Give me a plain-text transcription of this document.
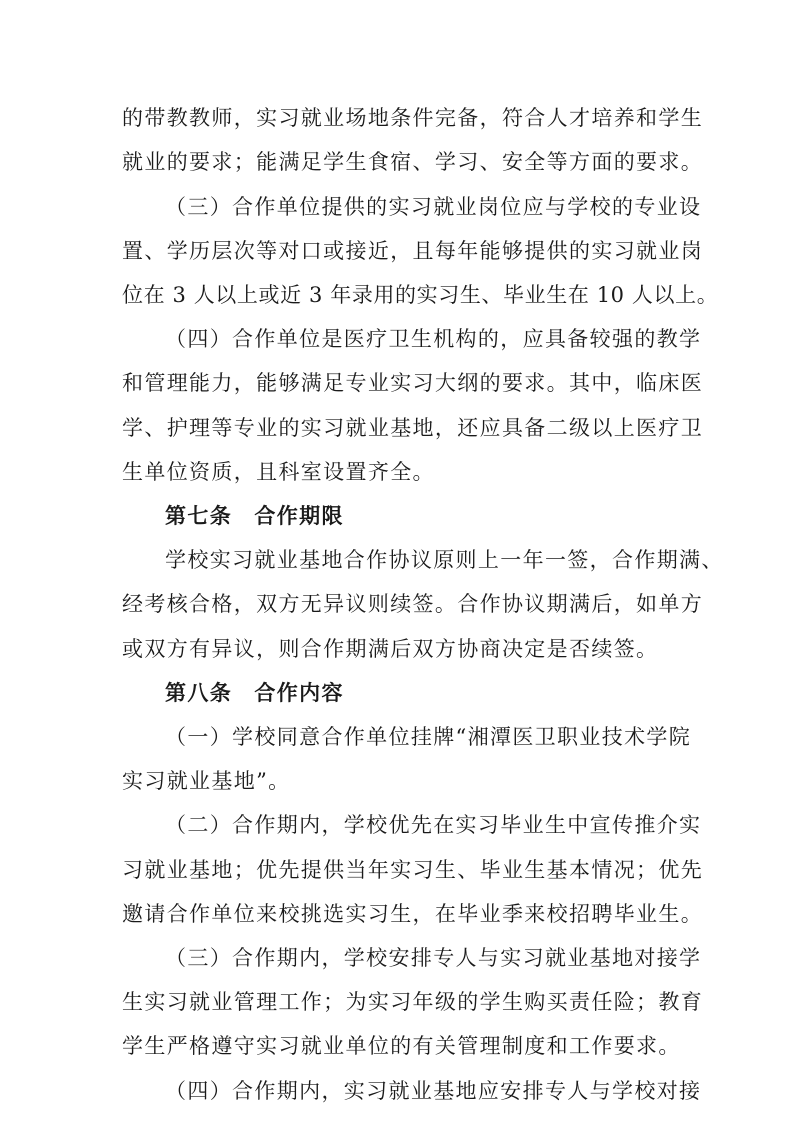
的带教教师，实习就业场地条件完备，符合人才培养和学生
就业的要求；能满足学生食宿、学习、安全等方面的要求。
（三）合作单位提供的实习就业岗位应与学校的专业设
置、学历层次等对口或接近，且每年能够提供的实习就业岗
位在 3 人以上或近 3 年录用的实习生、毕业生在 10 人以上。
（四）合作单位是医疗卫生机构的，应具备较强的教学
和管理能力，能够满足专业实习大纲的要求。其中，临床医
学、护理等专业的实习就业基地，还应具备二级以上医疗卫
生单位资质，且科室设置齐全。
第七条　合作期限
学校实习就业基地合作协议原则上一年一签，合作期满、
经考核合格，双方无异议则续签。合作协议期满后，如单方
或双方有异议，则合作期满后双方协商决定是否续签。
第八条　合作内容
（一）学校同意合作单位挂牌“湘潭医卫职业技术学院
实习就业基地”。
（二）合作期内，学校优先在实习毕业生中宣传推介实
习就业基地；优先提供当年实习生、毕业生基本情况；优先
邀请合作单位来校挑选实习生，在毕业季来校招聘毕业生。
（三）合作期内，学校安排专人与实习就业基地对接学
生实习就业管理工作；为实习年级的学生购买责任险；教育
学生严格遵守实习就业单位的有关管理制度和工作要求。
（四）合作期内，实习就业基地应安排专人与学校对接
